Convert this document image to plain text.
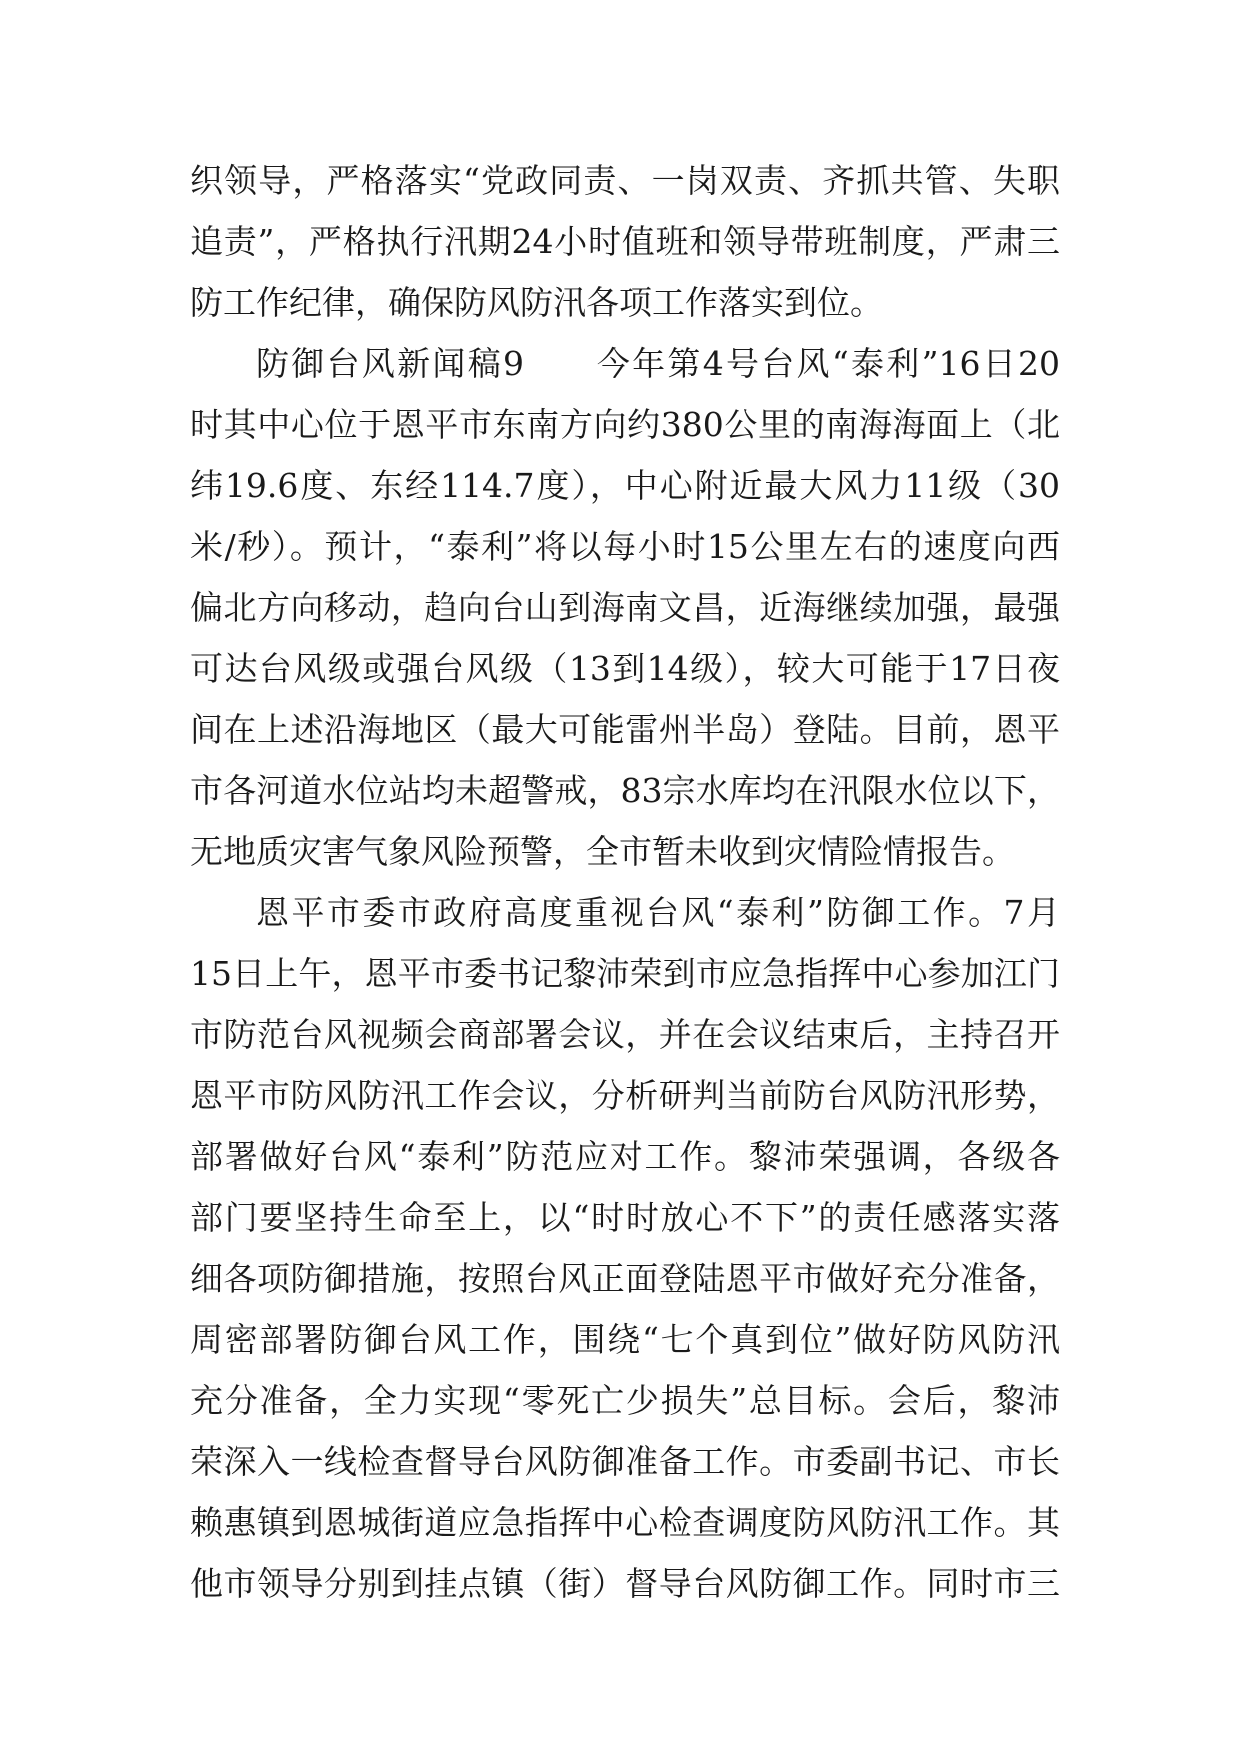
织领导，严格落实“党政同责、一岗双责、齐抓共管、失职
追责”，严格执行汛期24小时值班和领导带班制度，严肃三
防工作纪律，确保防风防汛各项工作落实到位。
防御台风新闻稿9　　今年第4号台风“泰利”16日20
时其中心位于恩平市东南方向约380公里的南海海面上（北
纬19.6度、东经114.7度），中心附近最大风力11级（30
米/秒）。预计，“泰利”将以每小时15公里左右的速度向西
偏北方向移动，趋向台山到海南文昌，近海继续加强，最强
可达台风级或强台风级（13到14级），较大可能于17日夜
间在上述沿海地区（最大可能雷州半岛）登陆。目前，恩平
市各河道水位站均未超警戒，83宗水库均在汛限水位以下，
无地质灾害气象风险预警，全市暂未收到灾情险情报告。
恩平市委市政府高度重视台风“泰利”防御工作。7月
15日上午，恩平市委书记黎沛荣到市应急指挥中心参加江门
市防范台风视频会商部署会议，并在会议结束后，主持召开
恩平市防风防汛工作会议，分析研判当前防台风防汛形势，
部署做好台风“泰利”防范应对工作。黎沛荣强调，各级各
部门要坚持生命至上，以“时时放心不下”的责任感落实落
细各项防御措施，按照台风正面登陆恩平市做好充分准备，
周密部署防御台风工作，围绕“七个真到位”做好防风防汛
充分准备，全力实现“零死亡少损失”总目标。会后，黎沛
荣深入一线检查督导台风防御准备工作。市委副书记、市长
赖惠镇到恩城街道应急指挥中心检查调度防风防汛工作。其
他市领导分别到挂点镇（街）督导台风防御工作。同时市三
